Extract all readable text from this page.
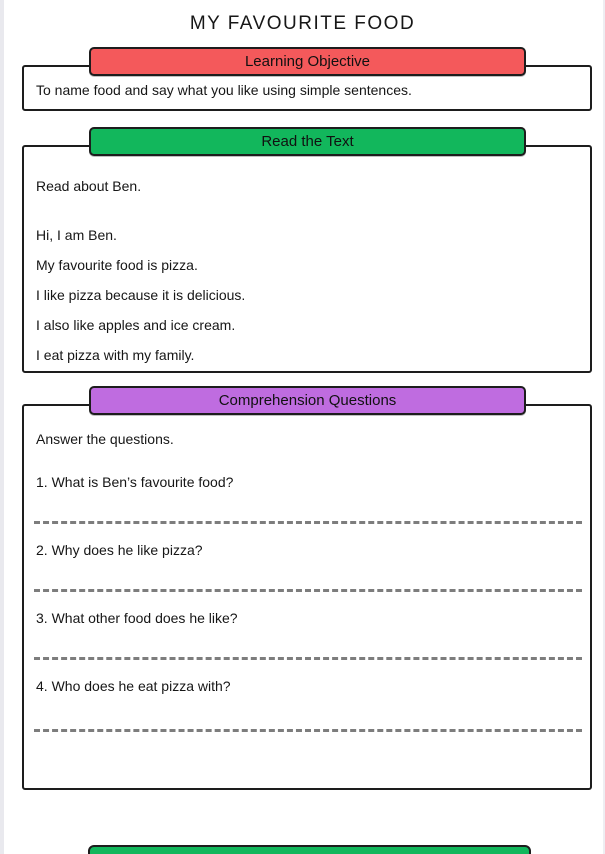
MY FAVOURITE FOOD
Learning Objective

To name food and say what you like using simple sentences.

Read the Text

Read about Ben.

Hi, I am Ben.

My favourite food is pizza.

I like pizza because it is delicious.

I also like apples and ice cream.

I eat pizza with my family.

Comprehension Questions

Answer the questions.

1. What is Ben’s favourite food?

2. Why does he like pizza?

3. What other food does he like?

4. Who does he eat pizza with?
